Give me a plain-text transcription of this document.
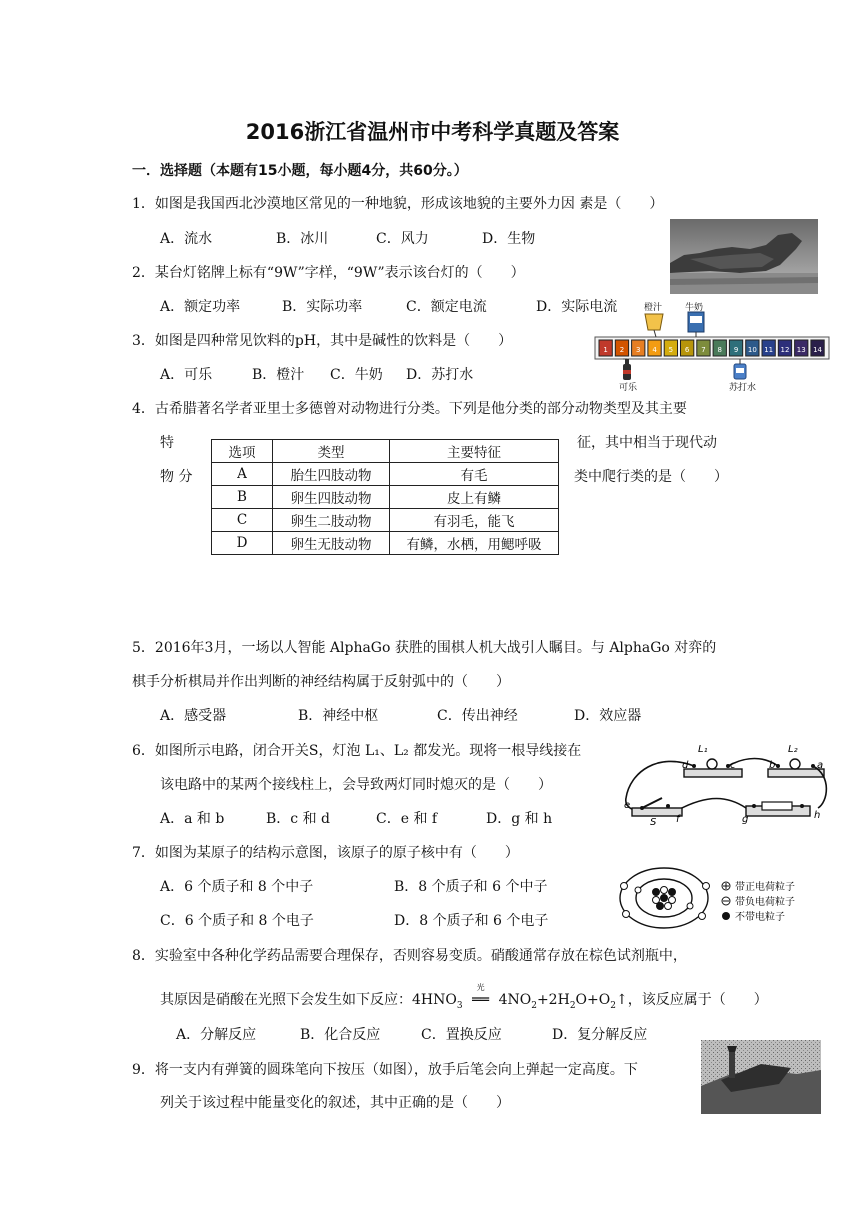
2016浙江省温州市中考科学真题及答案
一．选择题（本题有15小题，每小题4分，共60分。）
1．如图是我国西北沙漠地区常见的一种地貌，形成该地貌的主要外力因 素是（　　）
A．流水	B．冰川	C．风力	D．生物
2．某台灯铭牌上标有“9W”字样，“9W”表示该台灯的（　　）
A．额定功率	B．实际功率	C．额定电流	D．实际电流
3．如图是四种常见饮料的pH，其中是碱性的饮料是（　　）
A．可乐	B．橙汁 C．牛奶 D．苏打水
1 2 3 4 5 6 7 8 9 10 11 12 13 14
橙汁	牛奶
可乐	苏打水
4．古希腊著名学者亚里士多德曾对动物进行分类。下列是他分类的部分动物类型及其主要
特
物 分
征，其中相当于现代动
类中爬行类的是（　　）
选项	类型	主要特征
A	胎生四肢动物	有毛
B	卵生四肢动物	皮上有鳞
C	卵生二肢动物	有羽毛，能飞
D	卵生无肢动物	有鳞，水栖，用鳃呼吸
5．2016年3月，一场以人智能 AlphaGo 获胜的围棋人机大战引人瞩目。与 AlphaGo 对弈的
棋手分析棋局并作出判断的神经结构属于反射弧中的（　　）
A．感受器	B．神经中枢	C．传出神经	D．效应器
6．如图所示电路，闭合开关S，灯泡 L₁、L₂ 都发光。现将一根导线接在
该电路中的某两个接线柱上，会导致两灯同时熄灭的是（　　）
A．a 和 b	B．c 和 d	C．e 和 f	D．g 和 h
L₁	L₂
d	c	b	a
e
f	g	h
S
7．如图为某原子的结构示意图，该原子的原子核中有（　　）
A．6 个质子和 8 个中子	B．8 个质子和 6 个中子
C．6 个质子和 8 个电子	D．8 个质子和 6 个电子
带正电荷粒子
带负电荷粒子
不带电粒子
8．实验室中各种化学药品需要合理保存，否则容易变质。硝酸通常存放在棕色试剂瓶中，
其原因是硝酸在光照下会发生如下反应：$4HNO_3$
光
══ $4NO_2+2H_2O+O_2↑$，该反应属于（　　）
A．分解反应	B．化合反应	C．置换反应	D．复分解反应
9．将一支内有弹簧的圆珠笔向下按压（如图），放手后笔会向上弹起一定高度。下
列关于该过程中能量变化的叙述，其中正确的是（　　）
